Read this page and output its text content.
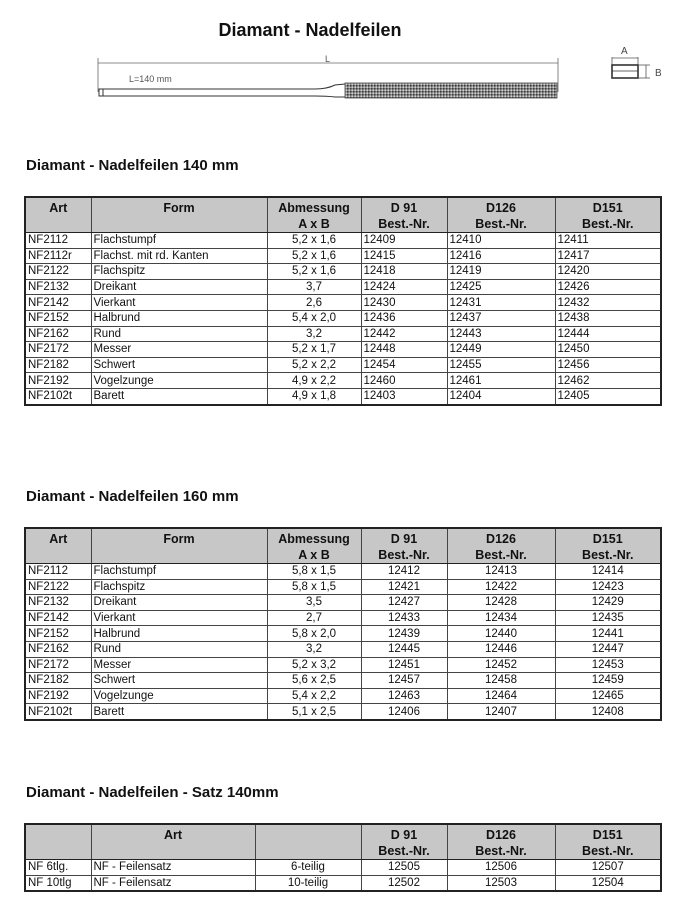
Diamant - Nadelfeilen
L
L=140 mm
A
B
Diamant - Nadelfeilen 140 mm
Art	Form	Abmessung	D 91	D126	D151
		A x B	Best.-Nr.	Best.-Nr.	Best.-Nr.
NF2112	Flachstumpf	5,2 x 1,6	12409	12410	12411
NF2112r	Flachst. mit rd. Kanten	5,2 x 1,6	12415	12416	12417
NF2122	Flachspitz	5,2 x 1,6	12418	12419	12420
NF2132	Dreikant	3,7	12424	12425	12426
NF2142	Vierkant	2,6	12430	12431	12432
NF2152	Halbrund	5,4 x 2,0	12436	12437	12438
NF2162	Rund	3,2	12442	12443	12444
NF2172	Messer	5,2 x 1,7	12448	12449	12450
NF2182	Schwert	5,2 x 2,2	12454	12455	12456
NF2192	Vogelzunge	4,9 x 2,2	12460	12461	12462
NF2102t	Barett	4,9 x 1,8	12403	12404	12405
Diamant - Nadelfeilen 160 mm
Art	Form	Abmessung	D 91	D126	D151
		A x B	Best.-Nr.	Best.-Nr.	Best.-Nr.
NF2112	Flachstumpf	5,8 x 1,5	12412	12413	12414
NF2122	Flachspitz	5,8 x 1,5	12421	12422	12423
NF2132	Dreikant	3,5	12427	12428	12429
NF2142	Vierkant	2,7	12433	12434	12435
NF2152	Halbrund	5,8 x 2,0	12439	12440	12441
NF2162	Rund	3,2	12445	12446	12447
NF2172	Messer	5,2 x 3,2	12451	12452	12453
NF2182	Schwert	5,6 x 2,5	12457	12458	12459
NF2192	Vogelzunge	5,4 x 2,2	12463	12464	12465
NF2102t	Barett	5,1 x 2,5	12406	12407	12408
Diamant - Nadelfeilen - Satz 140mm
	Art		D 91	D126	D151
			Best.-Nr.	Best.-Nr.	Best.-Nr.
NF 6tlg.	NF - Feilensatz	6-teilig	12505	12506	12507
NF 10tlg	NF - Feilensatz	10-teilig	12502	12503	12504
